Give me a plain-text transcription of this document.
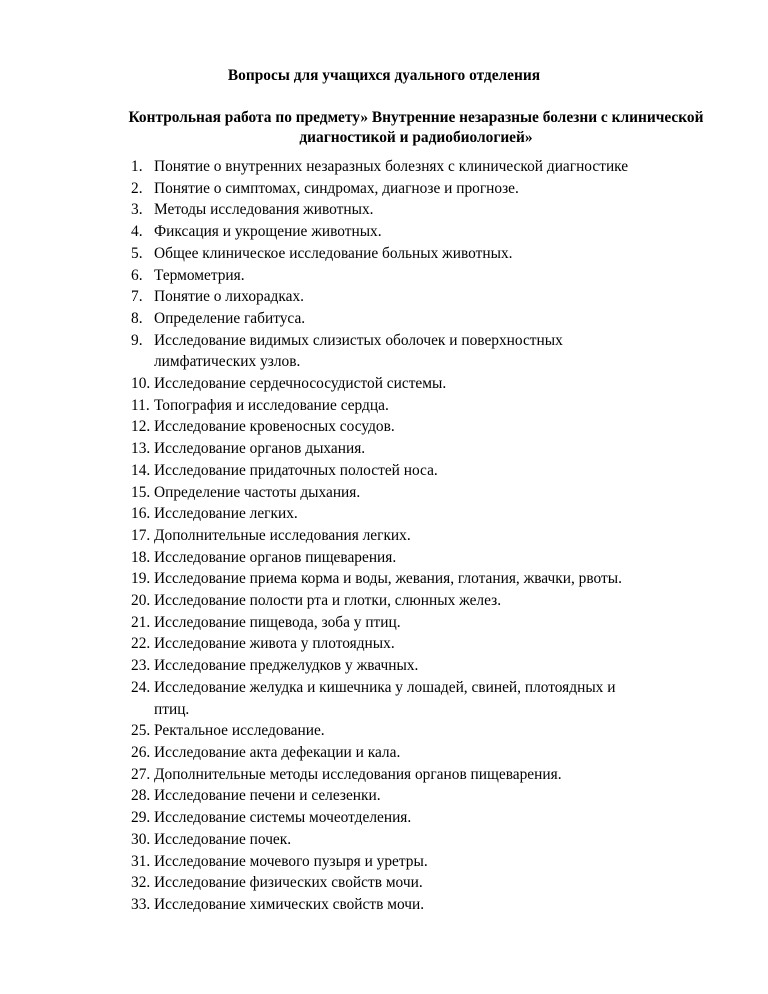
Вопросы для учащихся дуального отделения

Контрольная работа по предмету» Внутренние незаразные болезни с клинической диагностикой и радиобиологией»

1. Понятие о внутренних незаразных болезнях с клинической диагностике
2. Понятие о симптомах, синдромах, диагнозе и прогнозе.
3. Методы исследования животных.
4. Фиксация и укрощение животных.
5. Общее клиническое исследование больных животных.
6. Термометрия.
7. Понятие о лихорадках.
8. Определение габитуса.
9. Исследование видимых слизистых оболочек и поверхностных
лимфатических узлов.
10. Исследование сердечнососудистой системы.
11. Топография и исследование сердца.
12. Исследование кровеносных сосудов.
13. Исследование органов дыхания.
14. Исследование придаточных полостей носа.
15. Определение частоты дыхания.
16. Исследование легких.
17. Дополнительные исследования легких.
18. Исследование органов пищеварения.
19. Исследование приема корма и воды, жевания, глотания, жвачки, рвоты.
20. Исследование полости рта и глотки, слюнных желез.
21. Исследование пищевода, зоба у птиц.
22. Исследование живота у плотоядных.
23. Исследование преджелудков у жвачных.
24. Исследование желудка и кишечника у лошадей, свиней, плотоядных и
птиц.
25. Ректальное исследование.
26. Исследование акта дефекации и кала.
27. Дополнительные методы исследования органов пищеварения.
28. Исследование печени и селезенки.
29. Исследование системы мочеотделения.
30. Исследование почек.
31. Исследование мочевого пузыря и уретры.
32. Исследование физических свойств мочи.
33. Исследование химических свойств мочи.
